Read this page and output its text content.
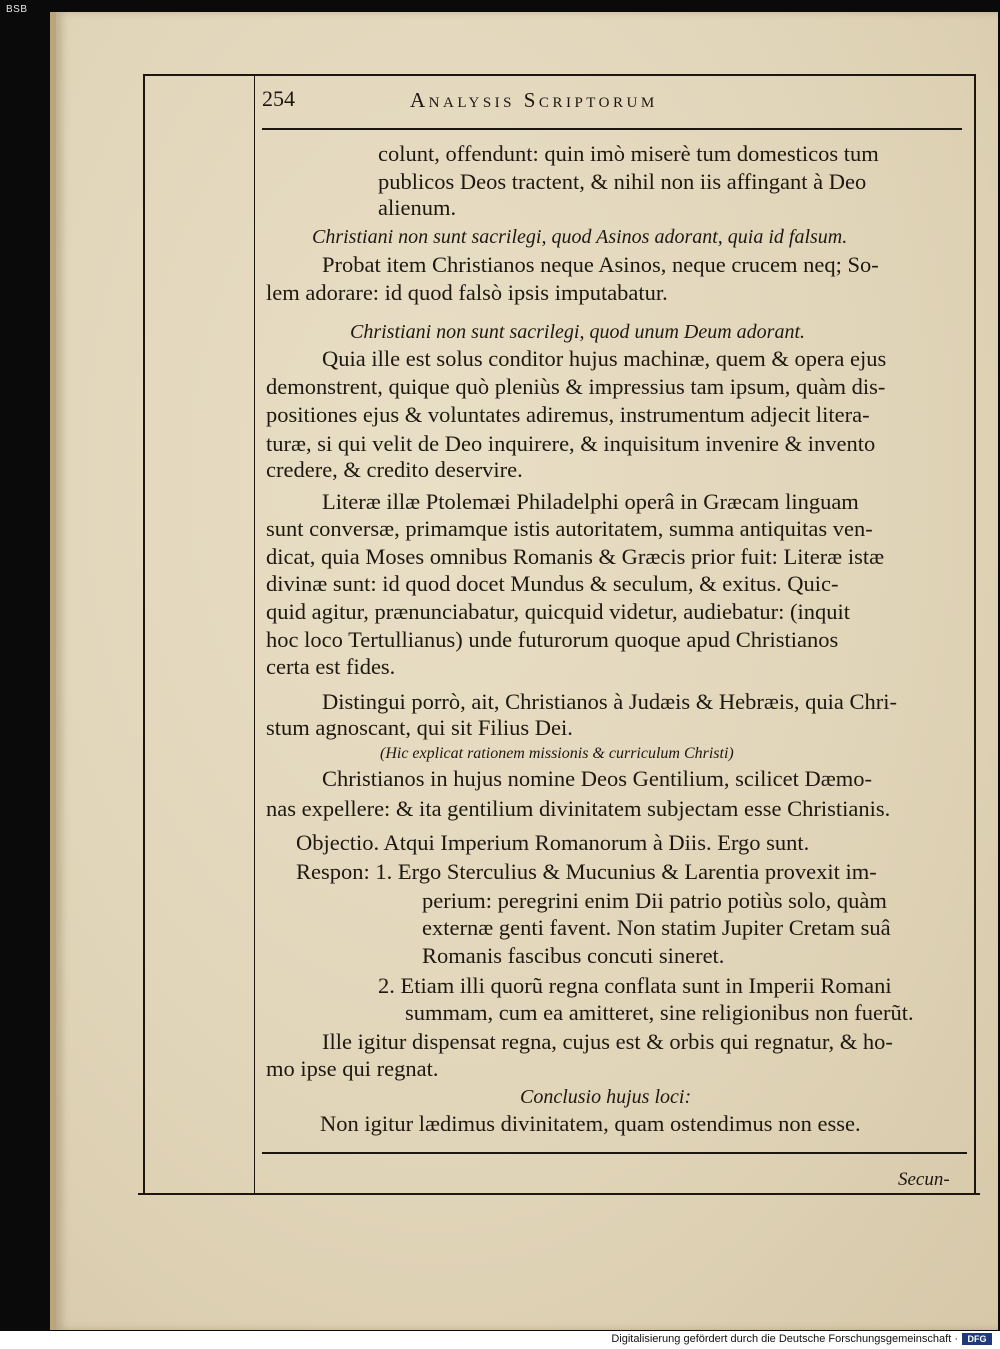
BSB
254	Analysis Scriptorum
colunt, offendunt: quin imò miserè tum domesticos tum
publicos Deos tractent, & nihil non iis affingant à Deo
alienum.
Christiani non sunt sacrilegi, quod Asinos adorant, quia id falsum.
Probat item Christianos neque Asinos, neque crucem neq; So-
lem adorare: id quod falsò ipsis imputabatur.
Christiani non sunt sacrilegi, quod unum Deum adorant.
Quia ille est solus conditor hujus machinæ, quem & opera ejus
demonstrent, quique quò pleniùs & impressius tam ipsum, quàm dis-
positiones ejus & voluntates adiremus, instrumentum adjecit litera-
turæ, si qui velit de Deo inquirere, & inquisitum invenire & invento
credere, & credito deservire.
Literæ illæ Ptolemæi Philadelphi operâ in Græcam linguam
sunt conversæ, primamque istis autoritatem, summa antiquitas ven-
dicat, quia Moses omnibus Romanis & Græcis prior fuit: Literæ istæ
divinæ sunt: id quod docet Mundus & seculum, & exitus. Quic-
quid agitur, prænunciabatur, quicquid videtur, audiebatur: (inquit
hoc loco Tertullianus) unde futurorum quoque apud Christianos
certa est fides.
Distingui porrò, ait, Christianos à Judæis & Hebræis, quia Chri-
stum agnoscant, qui sit Filius Dei.
(Hic explicat rationem missionis & curriculum Christi)
Christianos in hujus nomine Deos Gentilium, scilicet Dæmo-
nas expellere: & ita gentilium divinitatem subjectam esse Christianis.
Objectio. Atqui Imperium Romanorum à Diis. Ergo sunt.
Respon: 1. Ergo Sterculius & Mucunius & Larentia provexit im-
perium: peregrini enim Dii patrio potiùs solo, quàm
externæ genti favent. Non statim Jupiter Cretam suâ
Romanis fascibus concuti sineret.
2. Etiam illi quorũ regna conflata sunt in Imperii Romani
summam, cum ea amitteret, sine religionibus non fuerũt.
Ille igitur dispensat regna, cujus est & orbis qui regnatur, & ho-
mo ipse qui regnat.
Conclusio hujus loci:
Non igitur lædimus divinitatem, quam ostendimus non esse.
Secun-
Digitalisierung gefördert durch die Deutsche Forschungsgemeinschaft ·	DFG
